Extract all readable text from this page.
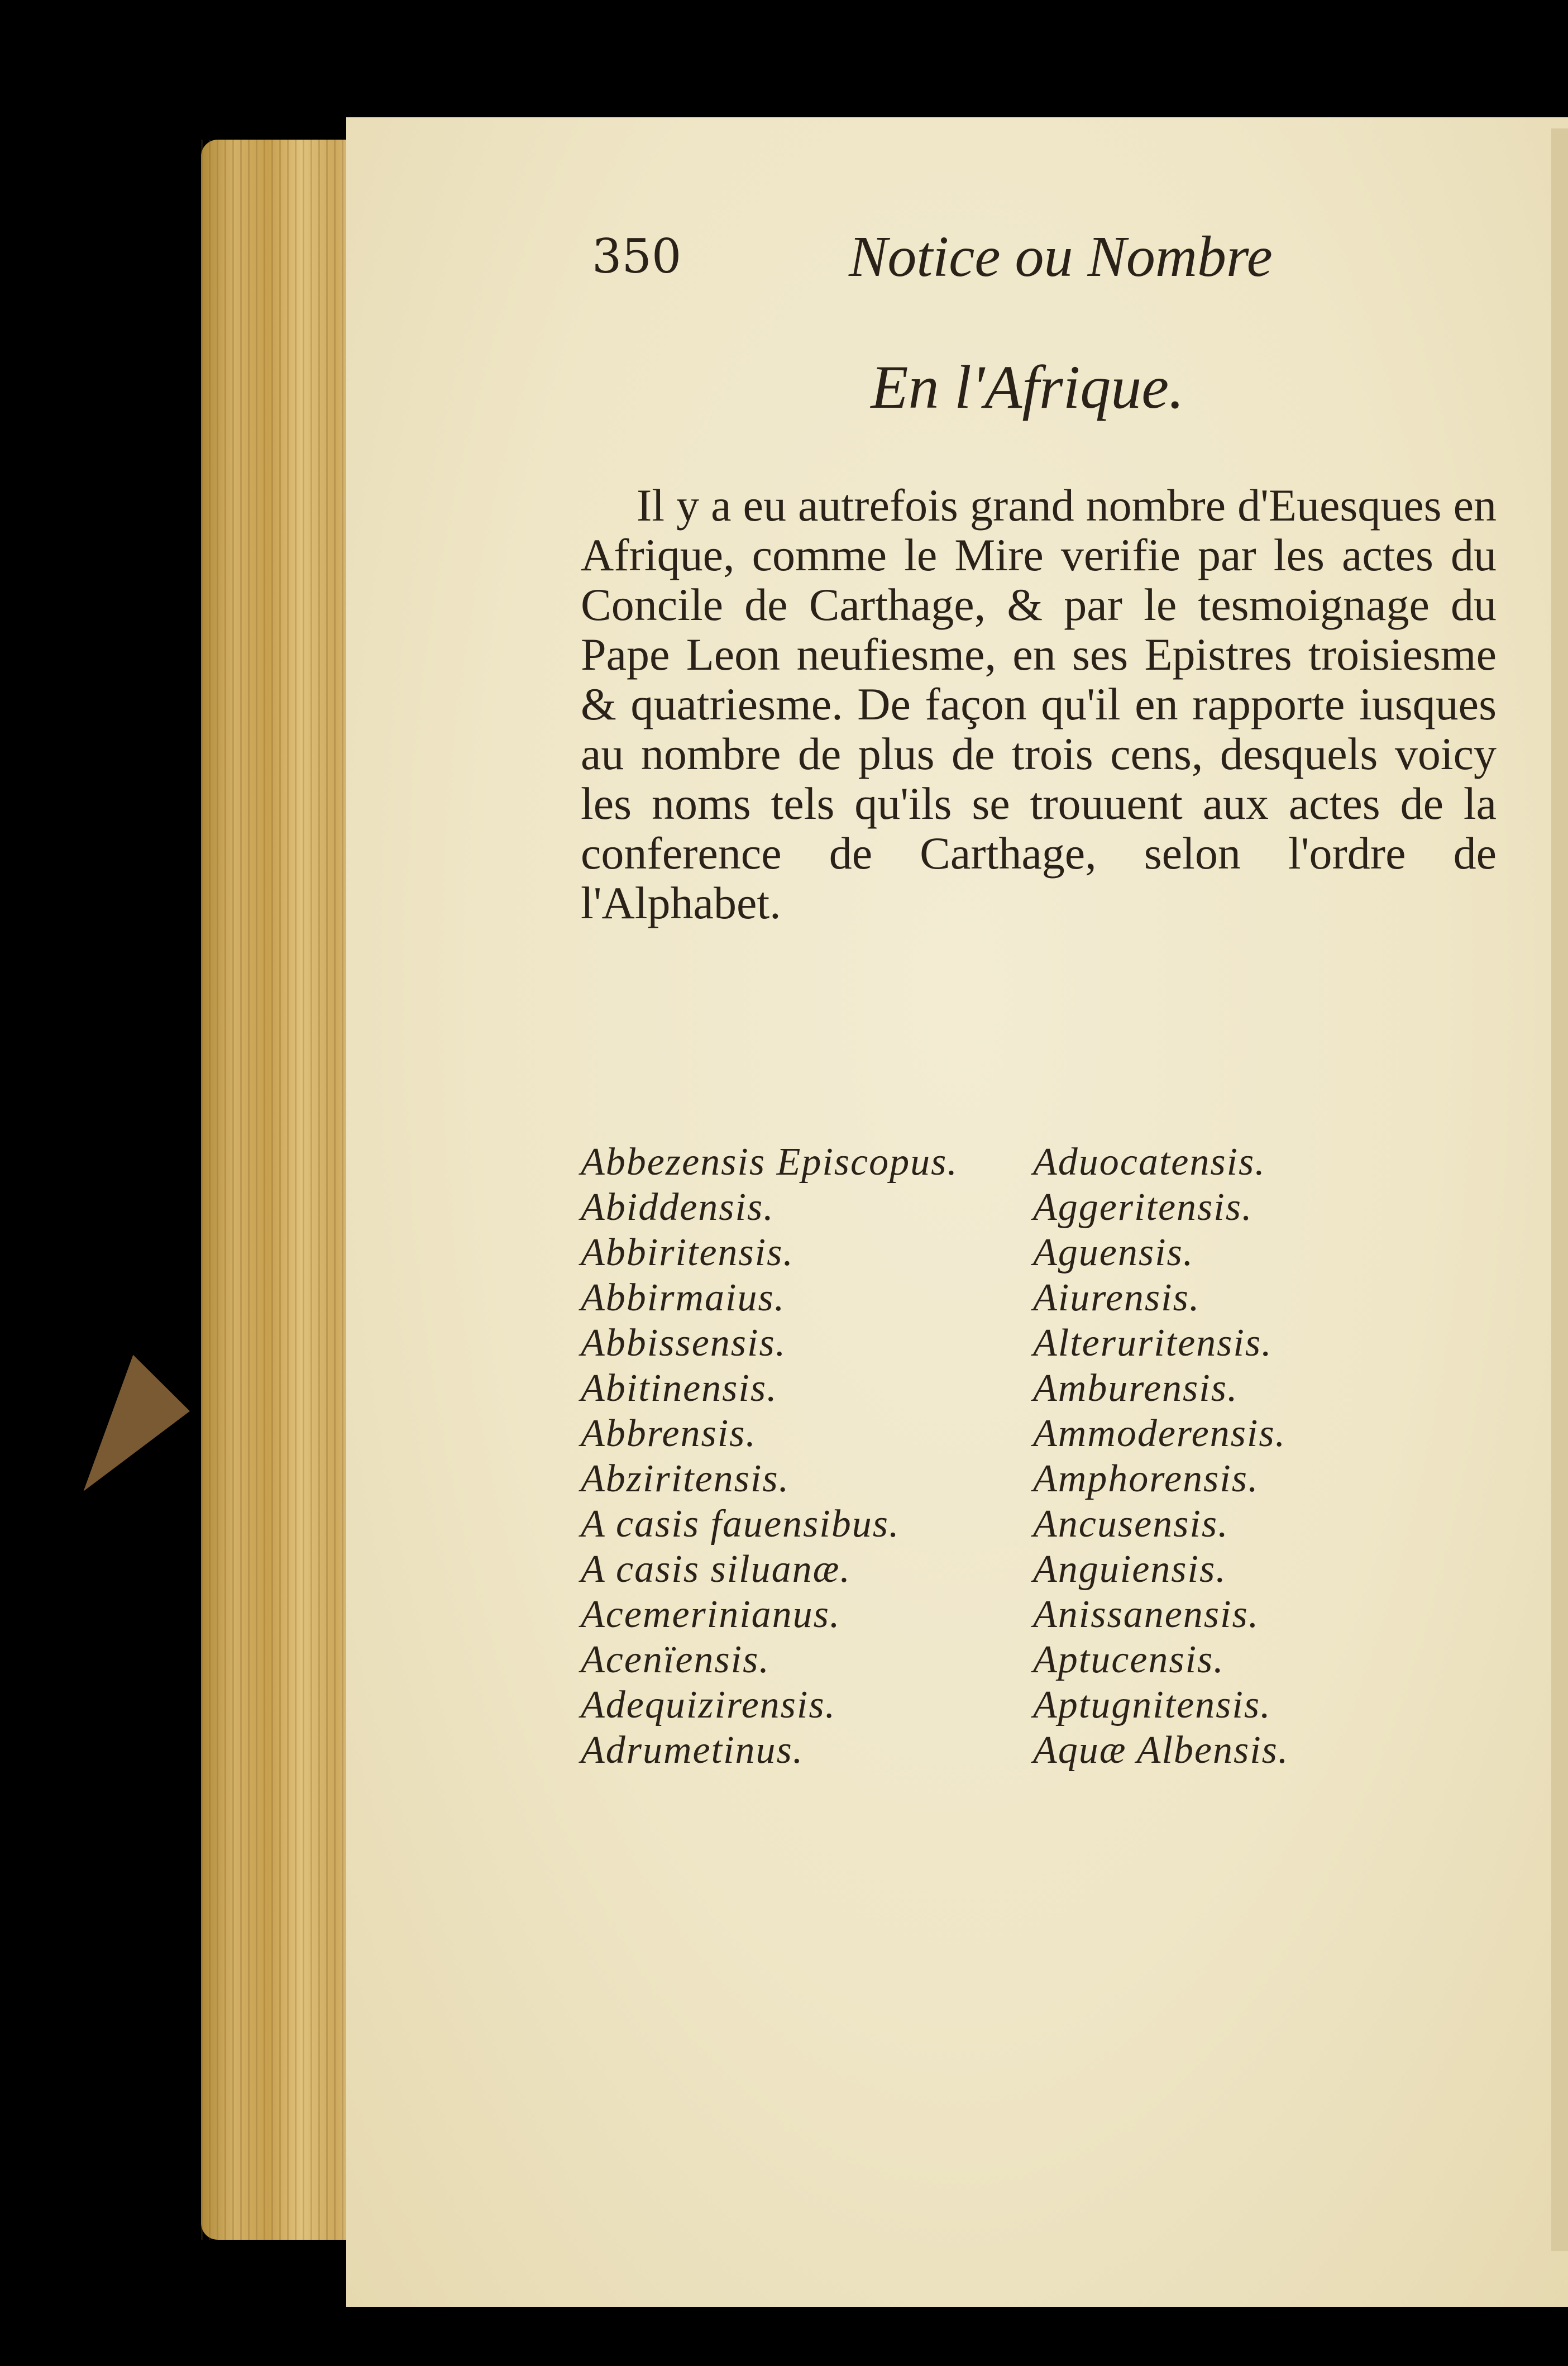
350	Notice ou Nombre
En l'Afrique.
Il y a eu autrefois grand nombre d'Euesques en Afrique, comme le Mire verifie par les actes du Concile de Carthage, & par le tesmoignage du Pape Leon neufiesme, en ses Epistres troisiesme & quatriesme. De façon qu'il en rapporte iusques au nombre de plus de trois cens, desquels voicy les noms tels qu'ils se trouuent aux actes de la conference de Carthage, selon l'ordre de l'Alphabet.
Abbezensis Episcopus.
Abiddensis.
Abbiritensis.
Abbirmaius.
Abbissensis.
Abitinensis.
Abbrensis.
Abziritensis.
A casis fauensibus.
A casis siluanæ.
Acemerinianus.
Acenïensis.
Adequizirensis.
Adrumetinus.
Aduocatensis.
Aggeritensis.
Aguensis.
Aiurensis.
Alteruritensis.
Amburensis.
Ammoderensis.
Amphorensis.
Ancusensis.
Anguiensis.
Anissanensis.
Aptucensis.
Aptugnitensis.
Aquæ Albensis.
